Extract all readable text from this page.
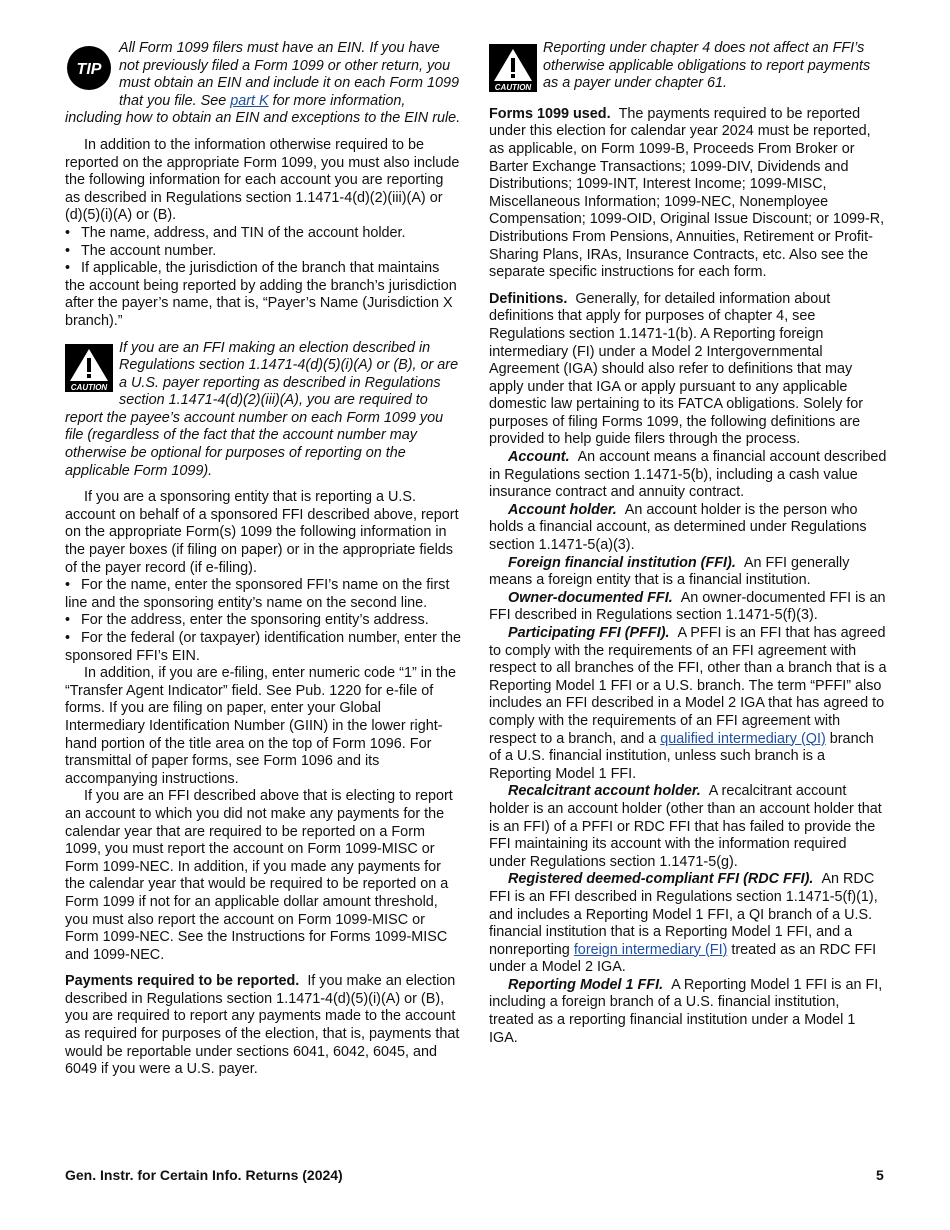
TIP

All Form 1099 filers must have an EIN. If you have not previously filed a Form 1099 or other return, you must obtain an EIN and include it on each Form 1099 that you file. See part K for more information, including how to obtain an EIN and exceptions to the EIN rule.

In addition to the information otherwise required to be reported on the appropriate Form 1099, you must also include the following information for each account you are reporting as described in Regulations section 1.1471-4(d)(2)(iii)(A) or (d)(5)(i)(A) or (B).

• The name, address, and TIN of the account holder.
• The account number.
• If applicable, the jurisdiction of the branch that maintains the account being reported by adding the branch’s jurisdiction after the payer’s name, that is, “Payer’s Name (Jurisdiction X branch).”
CAUTION

If you are an FFI making an election described in Regulations section 1.1471-4(d)(5)(i)(A) or (B), or are a U.S. payer reporting as described in Regulations section 1.1471-4(d)(2)(iii)(A), you are required to report the payee’s account number on each Form 1099 you file (regardless of the fact that the account number may otherwise be optional for purposes of reporting on the applicable Form 1099).

If you are a sponsoring entity that is reporting a U.S. account on behalf of a sponsored FFI described above, report on the appropriate Form(s) 1099 the following information in the payer boxes (if filing on paper) or in the appropriate fields of the payer record (if e-filing).

• For the name, enter the sponsored FFI’s name on the first line and the sponsoring entity’s name on the second line.
• For the address, enter the sponsoring entity’s address.
• For the federal (or taxpayer) identification number, enter the sponsored FFI’s EIN.

In addition, if you are e-filing, enter numeric code “1” in the “Transfer Agent Indicator” field. See Pub. 1220 for e-file of forms. If you are filing on paper, enter your Global Intermediary Identification Number (GIIN) in the lower right-hand portion of the title area on the top of Form 1096. For transmittal of paper forms, see Form 1096 and its accompanying instructions.

If you are an FFI described above that is electing to report an account to which you did not make any payments for the calendar year that are required to be reported on a Form 1099, you must report the account on Form 1099-MISC or Form 1099-NEC. In addition, if you made any payments for the calendar year that would be required to be reported on a Form 1099 if not for an applicable dollar amount threshold, you must also report the account on Form 1099-MISC or Form 1099-NEC. See the Instructions for Forms 1099-MISC and 1099-NEC.

Payments required to be reported. If you make an election described in Regulations section 1.1471-4(d)(5)(i)(A) or (B), you are required to report any payments made to the account as required for purposes of the election, that is, payments that would be reportable under sections 6041, 6042, 6045, and 6049 if you were a U.S. payer.

CAUTION

Reporting under chapter 4 does not affect an FFI’s otherwise applicable obligations to report payments as a payer under chapter 61.

Forms 1099 used. The payments required to be reported under this election for calendar year 2024 must be reported, as applicable, on Form 1099-B, Proceeds From Broker or Barter Exchange Transactions; 1099-DIV, Dividends and Distributions; 1099-INT, Interest Income; 1099-MISC, Miscellaneous Information; 1099-NEC, Nonemployee Compensation; 1099-OID, Original Issue Discount; or 1099-R, Distributions From Pensions, Annuities, Retirement or Profit-Sharing Plans, IRAs, Insurance Contracts, etc. Also see the separate specific instructions for each form.

Definitions. Generally, for detailed information about definitions that apply for purposes of chapter 4, see Regulations section 1.1471-1(b). A Reporting foreign intermediary (FI) under a Model 2 Intergovernmental Agreement (IGA) should also refer to definitions that may apply under that IGA or apply pursuant to any applicable domestic law pertaining to its FATCA obligations. Solely for purposes of filing Forms 1099, the following definitions are provided to help guide filers through the process.

Account. An account means a financial account described in Regulations section 1.1471-5(b), including a cash value insurance contract and annuity contract.

Account holder. An account holder is the person who holds a financial account, as determined under Regulations section 1.1471-5(a)(3).

Foreign financial institution (FFI). An FFI generally means a foreign entity that is a financial institution.

Owner-documented FFI. An owner-documented FFI is an FFI described in Regulations section 1.1471-5(f)(3).

Participating FFI (PFFI). A PFFI is an FFI that has agreed to comply with the requirements of an FFI agreement with respect to all branches of the FFI, other than a branch that is a Reporting Model 1 FFI or a U.S. branch. The term “PFFI” also includes an FFI described in a Model 2 IGA that has agreed to comply with the requirements of an FFI agreement with respect to a branch, and a qualified intermediary (QI) branch of a U.S. financial institution, unless such branch is a Reporting Model 1 FFI.

Recalcitrant account holder. A recalcitrant account holder is an account holder (other than an account holder that is an FFI) of a PFFI or RDC FFI that has failed to provide the FFI maintaining its account with the information required under Regulations section 1.1471-5(g).

Registered deemed-compliant FFI (RDC FFI). An RDC FFI is an FFI described in Regulations section 1.1471-5(f)(1), and includes a Reporting Model 1 FFI, a QI branch of a U.S. financial institution that is a Reporting Model 1 FFI, and a nonreporting foreign intermediary (FI) treated as an RDC FFI under a Model 2 IGA.

Reporting Model 1 FFI. A Reporting Model 1 FFI is an FI, including a foreign branch of a U.S. financial institution, treated as a reporting financial institution under a Model 1 IGA.

Gen. Instr. for Certain Info. Returns (2024)	5
